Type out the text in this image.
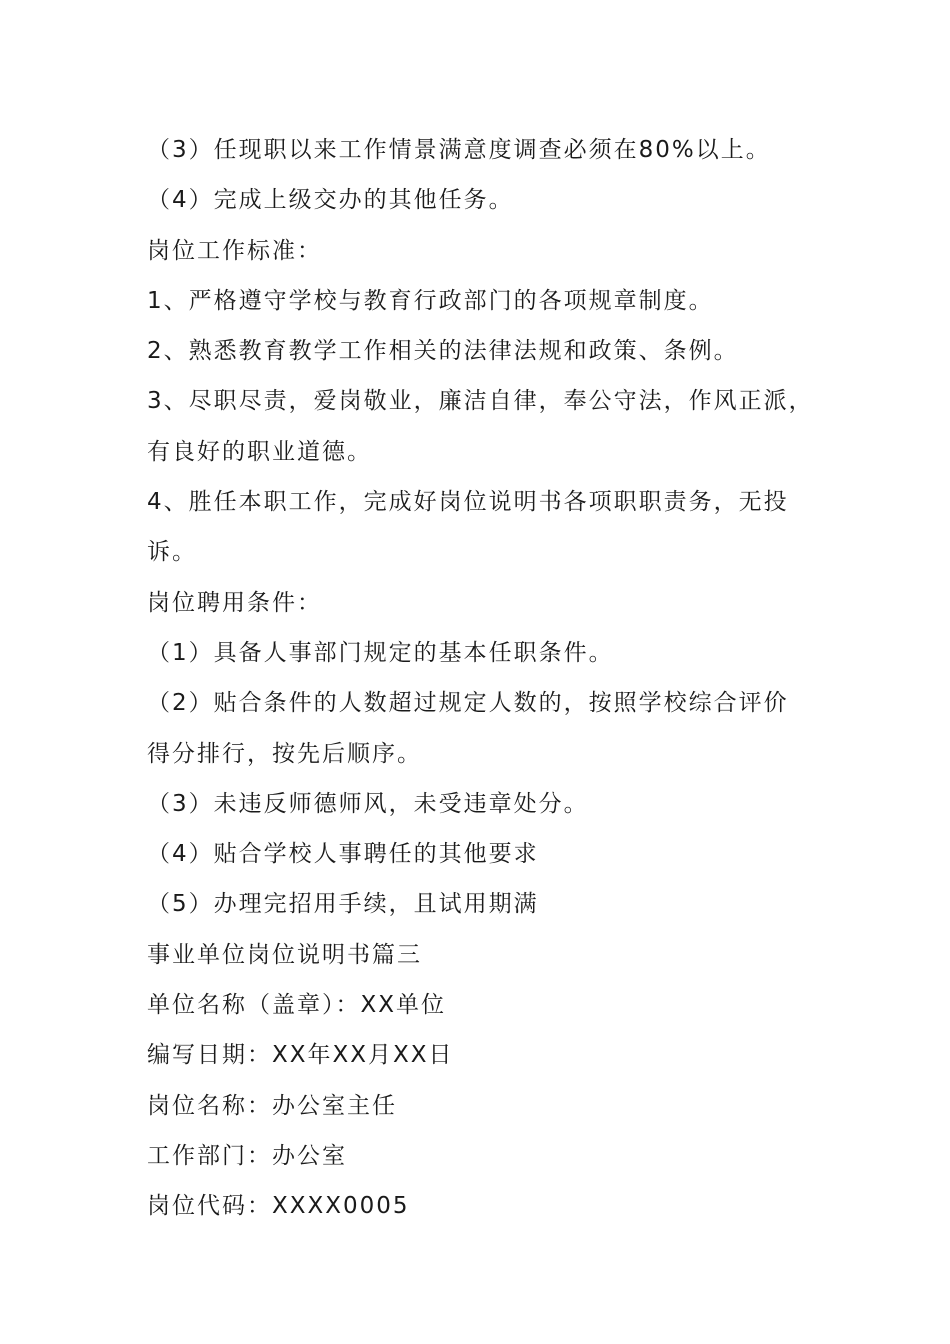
（3）任现职以来工作情景满意度调查必须在80%以上。
（4）完成上级交办的其他任务。
岗位工作标准：
1、严格遵守学校与教育行政部门的各项规章制度。
2、熟悉教育教学工作相关的法律法规和政策、条例。
3、尽职尽责，爱岗敬业，廉洁自律，奉公守法，作风正派，
有良好的职业道德。
4、胜任本职工作，完成好岗位说明书各项职职责务，无投
诉。
岗位聘用条件：
（1）具备人事部门规定的基本任职条件。
（2）贴合条件的人数超过规定人数的，按照学校综合评价
得分排行，按先后顺序。
（3）未违反师德师风，未受违章处分。
（4）贴合学校人事聘任的其他要求
（5）办理完招用手续，且试用期满
事业单位岗位说明书篇三
单位名称（盖章）：XX单位
编写日期：XX年XX月XX日
岗位名称：办公室主任
工作部门：办公室
岗位代码：XXXX0005
